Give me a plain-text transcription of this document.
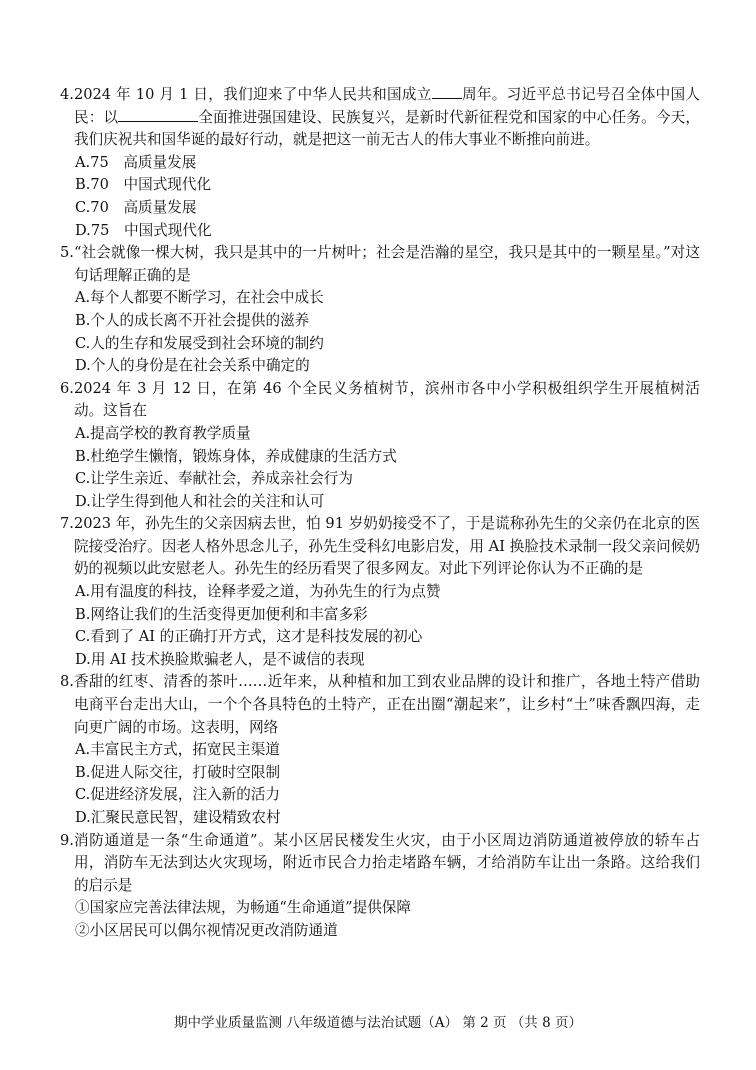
4. 2024 年 10 月 1 日，我们迎来了中华人民共和国成立 周年。习近平总书记号召全体中国人民：以	全面推进强国建设、民族复兴，是新时代新征程党和国家的中心任务。今天，我们庆祝共和国华诞的最好行动，就是把这一前无古人的伟大事业不断推向前进。
A.75　高质量发展
B.70　中国式现代化
C.70　高质量发展
D.75　中国式现代化
5. “社会就像一棵大树，我只是其中的一片树叶；社会是浩瀚的星空，我只是其中的一颗星星。”对这句话理解正确的是
A.每个人都要不断学习，在社会中成长
B.个人的成长离不开社会提供的滋养
C.人的生存和发展受到社会环境的制约
D.个人的身份是在社会关系中确定的
6. 2024 年 3 月 12 日，在第 46 个全民义务植树节，滨州市各中小学积极组织学生开展植树活动。这旨在
A.提高学校的教育教学质量
B.杜绝学生懒惰，锻炼身体，养成健康的生活方式
C.让学生亲近、奉献社会，养成亲社会行为
D.让学生得到他人和社会的关注和认可
7. 2023 年，孙先生的父亲因病去世，怕 91 岁奶奶接受不了，于是谎称孙先生的父亲仍在北京的医院接受治疗。因老人格外思念儿子，孙先生受科幻电影启发，用 AI 换脸技术录制一段父亲问候奶奶的视频以此安慰老人。孙先生的经历看哭了很多网友。对此下列评论你认为不正确的是
A.用有温度的科技，诠释孝爱之道，为孙先生的行为点赞
B.网络让我们的生活变得更加便利和丰富多彩
C.看到了 AI 的正确打开方式，这才是科技发展的初心
D.用 AI 技术换脸欺骗老人，是不诚信的表现
8. 香甜的红枣、清香的茶叶……近年来，从种植和加工到农业品牌的设计和推广，各地土特产借助电商平台走出大山，一个个各具特色的土特产，正在出圈“潮起来”，让乡村“土”味香飘四海，走向更广阔的市场。这表明，网络
A.丰富民主方式，拓宽民主渠道
B.促进人际交往，打破时空限制
C.促进经济发展，注入新的活力
D.汇聚民意民智，建设精致农村
9. 消防通道是一条“生命通道”。某小区居民楼发生火灾，由于小区周边消防通道被停放的轿车占用，消防车无法到达火灾现场，附近市民合力抬走堵路车辆，才给消防车让出一条路。这给我们的启示是
①国家应完善法律法规，为畅通“生命通道”提供保障
②小区居民可以偶尔视情况更改消防通道
期中学业质量监测 八年级道德与法治试题（A） 第 2 页 （共 8 页）
